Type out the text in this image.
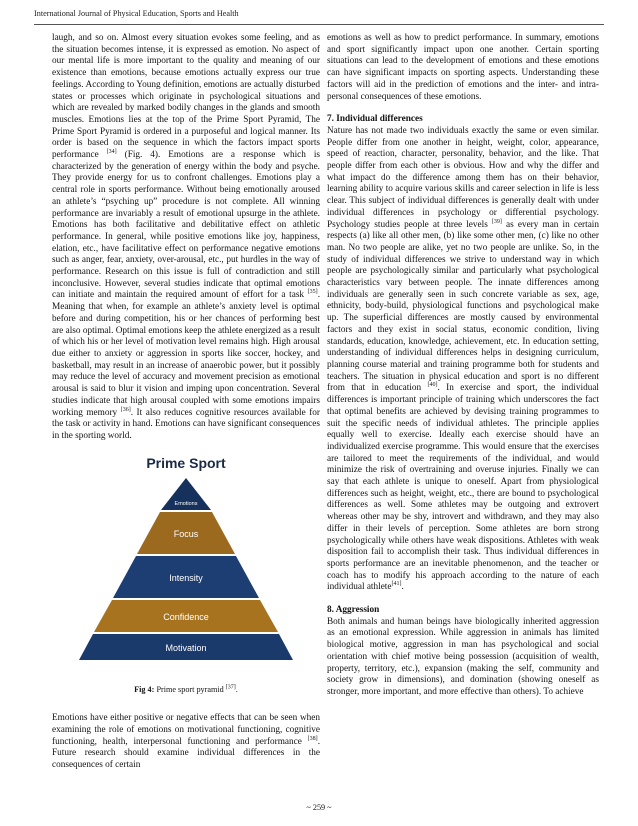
International Journal of Physical Education, Sports and Health

laugh, and so on. Almost every situation evokes some feeling, and as the situation becomes intense, it is expressed as emotion. No aspect of our mental life is more important to the quality and meaning of our existence than emotions, because emotions actually express our true feelings. According to Young definition, emotions are actually disturbed states or processes which originate in psychological situations and which are revealed by marked bodily changes in the glands and smooth muscles. Emotions lies at the top of the Prime Sport Pyramid, The Prime Sport Pyramid is ordered in a purposeful and logical manner. Its order is based on the sequence in which the factors impact sports performance [34] (Fig. 4). Emotions are a response which is characterized by the generation of energy within the body and psyche. They provide energy for us to confront challenges. Emotions play a central role in sports performance. Without being emotionally aroused an athlete’s “psyching up” procedure is not complete. All winning performance are invariably a result of emotional upsurge in the athlete. Emotions has both facilitative and debilitative effect on athletic performance. In general, while positive emotions like joy, happiness, elation, etc., have facilitative effect on performance negative emotions such as anger, fear, anxiety, over-arousal, etc., put hurdles in the way of performance. Research on this issue is full of contradiction and still inconclusive. However, several studies indicate that optimal emotions can initiate and maintain the required amount of effort for a task [35]. Meaning that when, for example an athlete’s anxiety level is optimal before and during competition, his or her chances of performing best are also optimal. Optimal emotions keep the athlete energized as a result of which his or her level of motivation level remains high. High arousal due either to anxiety or aggression in sports like soccer, hockey, and basketball, may result in an increase of anaerobic power, but it possibly may reduce the level of accuracy and movement precision as emotional arousal is said to blur it vision and imping upon concentration. Several studies indicate that high arousal coupled with some emotions impairs working memory [36]. It also reduces cognitive resources available for the task or activity in hand. Emotions can have significant consequences in the sporting world.

Prime Sport
Emotions
Focus
Intensity
Confidence
Motivation
Fig 4: Prime sport pyramid [37].

Emotions have either positive or negative effects that can be seen when examining the role of emotions on motivational functioning, cognitive functioning, health, interpersonal functioning and performance [38]. Future research should examine individual differences in the consequences of certain

emotions as well as how to predict performance. In summary, emotions and sport significantly impact upon one another. Certain sporting situations can lead to the development of emotions and these emotions can have significant impacts on sporting aspects. Understanding these factors will aid in the prediction of emotions and the inter- and intra-personal consequences of these emotions.

7. Individual differences

Nature has not made two individuals exactly the same or even similar. People differ from one another in height, weight, color, appearance, speed of reaction, character, personality, behavior, and the like. That people differ from each other is obvious. How and why the differ and what impact do the difference among them has on their behavior, learning ability to acquire various skills and career selection in life is less clear. This subject of individual differences is generally dealt with under individual differences in psychology or differential psychology. Psychology studies people at three levels [39] as every man in certain respects (a) like all other men, (b) like some other men, (c) like no other man. No two people are alike, yet no two people are unlike. So, in the study of individual differences we strive to understand way in which people are psychologically similar and particularly what psychological characteristics vary between people. The innate differences among individuals are generally seen in such concrete variable as sex, age, ethnicity, body-build, physiological functions and psychological make up. The superficial differences are mostly caused by environmental factors and they exist in social status, economic condition, living standards, education, knowledge, achievement, etc. In education setting, understanding of individual differences helps in designing curriculum, planning course material and training programme both for students and teachers. The situation in physical education and sport is no different from that in education [40]. In exercise and sport, the individual differences is important principle of training which underscores the fact that optimal benefits are achieved by devising training programmes to suit the specific needs of individual athletes. The principle applies equally well to exercise. Ideally each exercise should have an individualized exercise programme. This would ensure that the exercises are tailored to meet the requirements of the individual, and would minimize the risk of overtraining and overuse injuries. Finally we can say that each athlete is unique to oneself. Apart from physiological differences such as height, weight, etc., there are bound to psychological differences as well. Some athletes may be outgoing and extrovert whereas other may be shy, introvert and withdrawn, and they may also differ in their levels of perception. Some athletes are born strong psychologically while others have weak dispositions. Athletes with weak disposition fail to accomplish their task. Thus individual differences in sports performance are an inevitable phenomenon, and the teacher or coach has to modify his approach according to the nature of each individual athlete[41].

8. Aggression

Both animals and human beings have biologically inherited aggression as an emotional expression. While aggression in animals has limited biological motive, aggression in man has psychological and social orientation with chief motive being possession (acquisition of wealth, property, territory, etc.), expansion (making the self, community and society grow in dimensions), and domination (showing oneself as stronger, more important, and more effective than others). To achieve

~ 259 ~
